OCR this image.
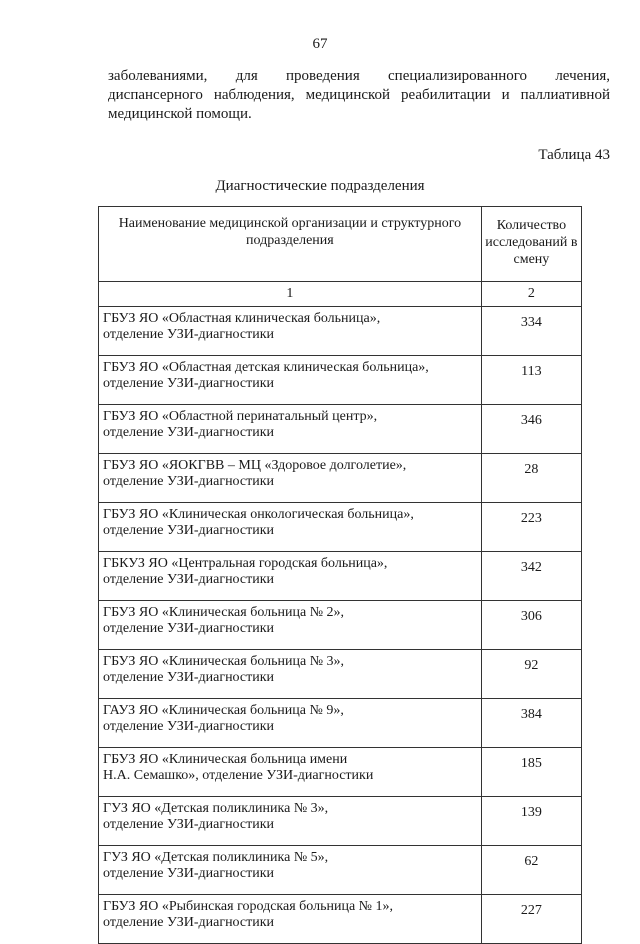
67
заболеваниями, для проведения специализированного лечения,
диспансерного наблюдения, медицинской реабилитации и паллиативной
медицинской помощи.
Таблица 43
Диагностические подразделения
Наименование медицинской организации и структурного подразделения	Количество исследований в смену
1	2

ГБУЗ ЯО «Областная клиническая больница»,
отделение УЗИ-диагностики	334

ГБУЗ ЯО «Областная детская клиническая больница»,
отделение УЗИ-диагностики	113

ГБУЗ ЯО «Областной перинатальный центр»,
отделение УЗИ-диагностики	346

ГБУЗ ЯО «ЯОКГВВ – МЦ «Здоровое долголетие»,
отделение УЗИ-диагностики	28

ГБУЗ ЯО «Клиническая онкологическая больница»,
отделение УЗИ-диагностики	223

ГБКУЗ ЯО «Центральная городская больница»,
отделение УЗИ-диагностики	342

ГБУЗ ЯО «Клиническая больница № 2»,
отделение УЗИ-диагностики	306

ГБУЗ ЯО «Клиническая больница № 3»,
отделение УЗИ-диагностики	92

ГАУЗ ЯО «Клиническая больница № 9»,
отделение УЗИ-диагностики	384

ГБУЗ ЯО «Клиническая больница имени
Н.А. Семашко», отделение УЗИ-диагностики	185

ГУЗ ЯО «Детская поликлиника № 3»,
отделение УЗИ-диагностики	139

ГУЗ ЯО «Детская поликлиника № 5»,
отделение УЗИ-диагностики	62

ГБУЗ ЯО «Рыбинская городская больница № 1»,
отделение УЗИ-диагностики	227
